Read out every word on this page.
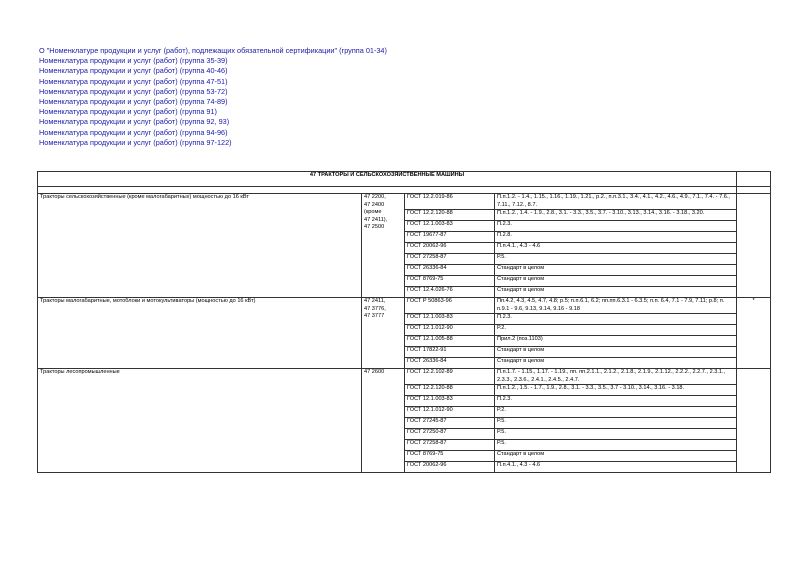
О "Номенклатуре продукции и услуг (работ), подлежащих обязательной сертификации" (группа 01-34)
Номенклатура продукции и услуг (работ) (группа 35-39)
Номенклатура продукции и услуг (работ) (группа 40-46)
Номенклатура продукции и услуг (работ) (группа 47-51)
Номенклатура продукции и услуг (работ) (группа 53-72)
Номенклатура продукции и услуг (работ) (группа 74-89)
Номенклатура продукции и услуг (работ) (группа 91)
Номенклатура продукции и услуг (работ) (группа 92, 93)
Номенклатура продукции и услуг (работ) (группа 94-96)
Номенклатура продукции и услуг (работ) (группа 97-122)
47 ТРАКТОРЫ И СЕЛЬСКОХОЗЯЙСТВЕННЫЕ МАШИНЫ				

Тракторы сельскохозяйственные (кроме малогабаритных) мощностью до 16 кВт	47 2200,
47 2400
(кроме
47 2411),
47 2500	ГОСТ 12.2.019-86	П.п.1.2. - 1.4., 1.15., 1.16., 1.19., 1.21., р.2., п.п.3.1., 3.4., 4.1., 4.2., 4.6., 4.9., 7.1., 7.4. - 7.6., 7.11., 7.12., 8.7.	
		ГОСТ 12.2.120-88	П.п.1.2., 1.4. - 1.9., 2.8., 3.1. - 3.3., 3.5., 3.7. - 3.10., 3.13., 3.14., 3.16. - 3.18., 3.20.	
		ГОСТ 12.1.003-83	П.2.3.	
		ГОСТ 19677-87	П.2.8.	
		ГОСТ 20062-96	П.п.4.1., 4.3 - 4.6	
		ГОСТ 27258-87	Р.5.	
		ГОСТ 26336-84	Стандарт в целом	
		ГОСТ 8769-75	Стандарт в целом	
		ГОСТ 12.4.026-76	Стандарт в целом	
Тракторы малогабаритные, мотоблоки и мотокультиваторы (мощностью до 16 кВт)	47 2411,
47 3776,
47 3777	ГОСТ Р 50863-96	Пп.4.2, 4.3, 4.5, 4.7, 4.8; р.5; п.п.6.1, 6.2; пп.пп.6.3.1 - 6.3.5; п.п. 6.4, 7.1 - 7.9, 7.11; р.8; п. п.9.1 - 9.6, 9.13, 9.14, 9.16 - 9.18	*
		ГОСТ 12.1.003-83	П.2.3.	
		ГОСТ 12.1.012-90	Р.2.	
		ГОСТ 12.1.005-88	Прил.2 (поз.1103)	
		ГОСТ 17822-91	Стандарт в целом	
		ГОСТ 26336-84	Стандарт в целом	
Тракторы лесопромышленные	47 2600	ГОСТ 12.2.102-89	П.п.1.7. - 1.15., 1.17. - 1.19., пп. пп.2.1.1., 2.1.2., 2.1.8., 2.1.9., 2.1.12., 2.2.2., 2.2.7., 2.3.1., 2.3.3., 2.3.6., 2.4.1., 2.4.5., 2.4.7.	
		ГОСТ 12.2.120-88	П.п.1.2., 1.5. - 1.7., 1.9., 2.8., 3.1. - 3.3., 3.5., 3.7 - 3.10., 3.14., 3.16. - 3.18.	
		ГОСТ 12.1.003-83	П.2.3.	
		ГОСТ 12.1.012-90	Р.2.	
		ГОСТ 27245-87	Р.5.	
		ГОСТ 27250-87	Р.5.	
		ГОСТ 27258-87	Р.5.	
		ГОСТ 8769-75	Стандарт в целом	
		ГОСТ 20062-96	П.п.4.1., 4.3 - 4.6	
